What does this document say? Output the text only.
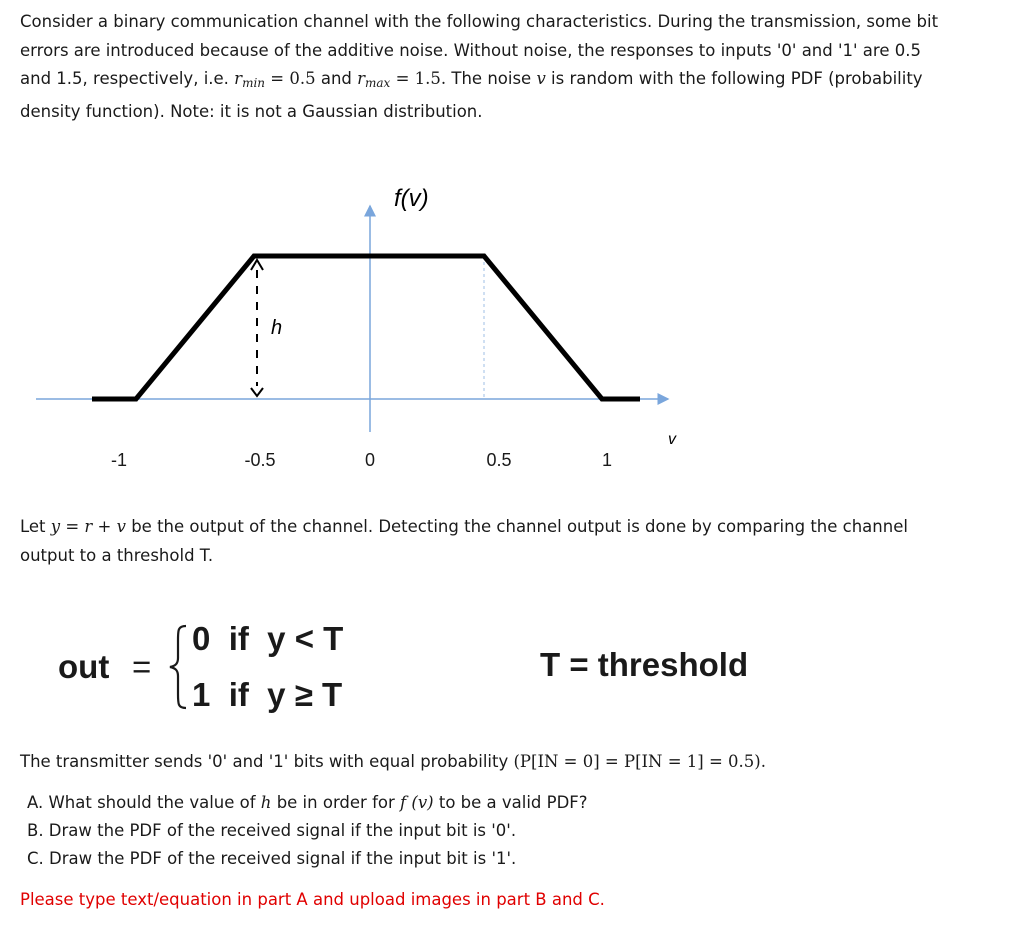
Consider a binary communication channel with the following characteristics. During the transmission, some bit
errors are introduced because of the additive noise. Without noise, the responses to inputs '0' and '1' are 0.5
and 1.5, respectively, i.e. $r_{min} = 0.5$ and $r_{max} = 1.5$. The noise v is random with the following PDF (probability
density function). Note: it is not a Gaussian distribution.
h
f(v)
v
-1	-0.5	0	0.5	1
Let y = r + v be the output of the channel. Detecting the channel output is done by comparing the channel
output to a threshold T.
out =
0  if  y < T
1  if  y ≥ T
T = threshold
The transmitter sends '0' and '1' bits with equal probability (P[IN = 0] = P[IN = 1] = 0.5).
A. What should the value of h be in order for f (v) to be a valid PDF?
B. Draw the PDF of the received signal if the input bit is '0'.
C. Draw the PDF of the received signal if the input bit is '1'.
Please type text/equation in part A and upload images in part B and C.
